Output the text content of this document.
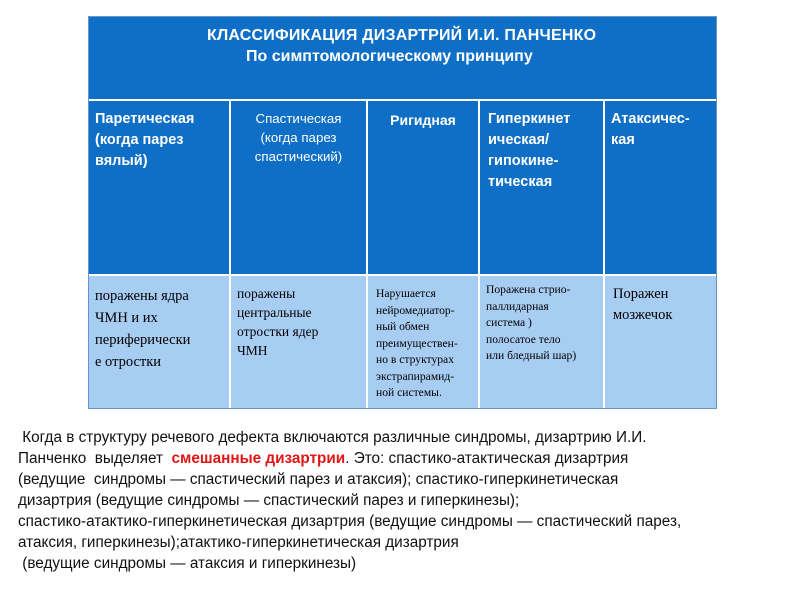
КЛАССИФИКАЦИЯ ДИЗАРТРИЙ И.И. ПАНЧЕНКО
По симптомологическому принципу
Паретическая
(когда парез
вялый)
Спастическая
(когда парез
спастический)
Ригидная	Гиперкинет
ическая/
гипокине-
тическая
Атаксичес-
кая
поражены ядра
ЧМН и их
периферически
е отростки
поражены
центральные
отростки ядер
ЧМН
Нарушается
нейромедиатор-
ный обмен
преимуществен-
но в структурах
экстрапирамид-
ной системы.
Поражена стрио-
паллидарная
система )
полосатое тело
или бледный шар)
Поражен
мозжечок
Когда в структуру речевого дефекта включаются различные синдромы, дизартрию И.И.
Панченко  выделяет  смешанные дизартрии. Это: спастико-атактическая дизартрия
(ведущие  синдромы — спастический парез и атаксия); спастико-гиперкинетическая
дизартрия (ведущие синдромы — спастический парез и гиперкинезы);
спастико-атактико-гиперкинетическая дизартрия (ведущие синдромы — спастический парез,
атаксия, гиперкинезы);атактико-гиперкинетическая дизартрия
(ведущие синдромы — атаксия и гиперкинезы)
